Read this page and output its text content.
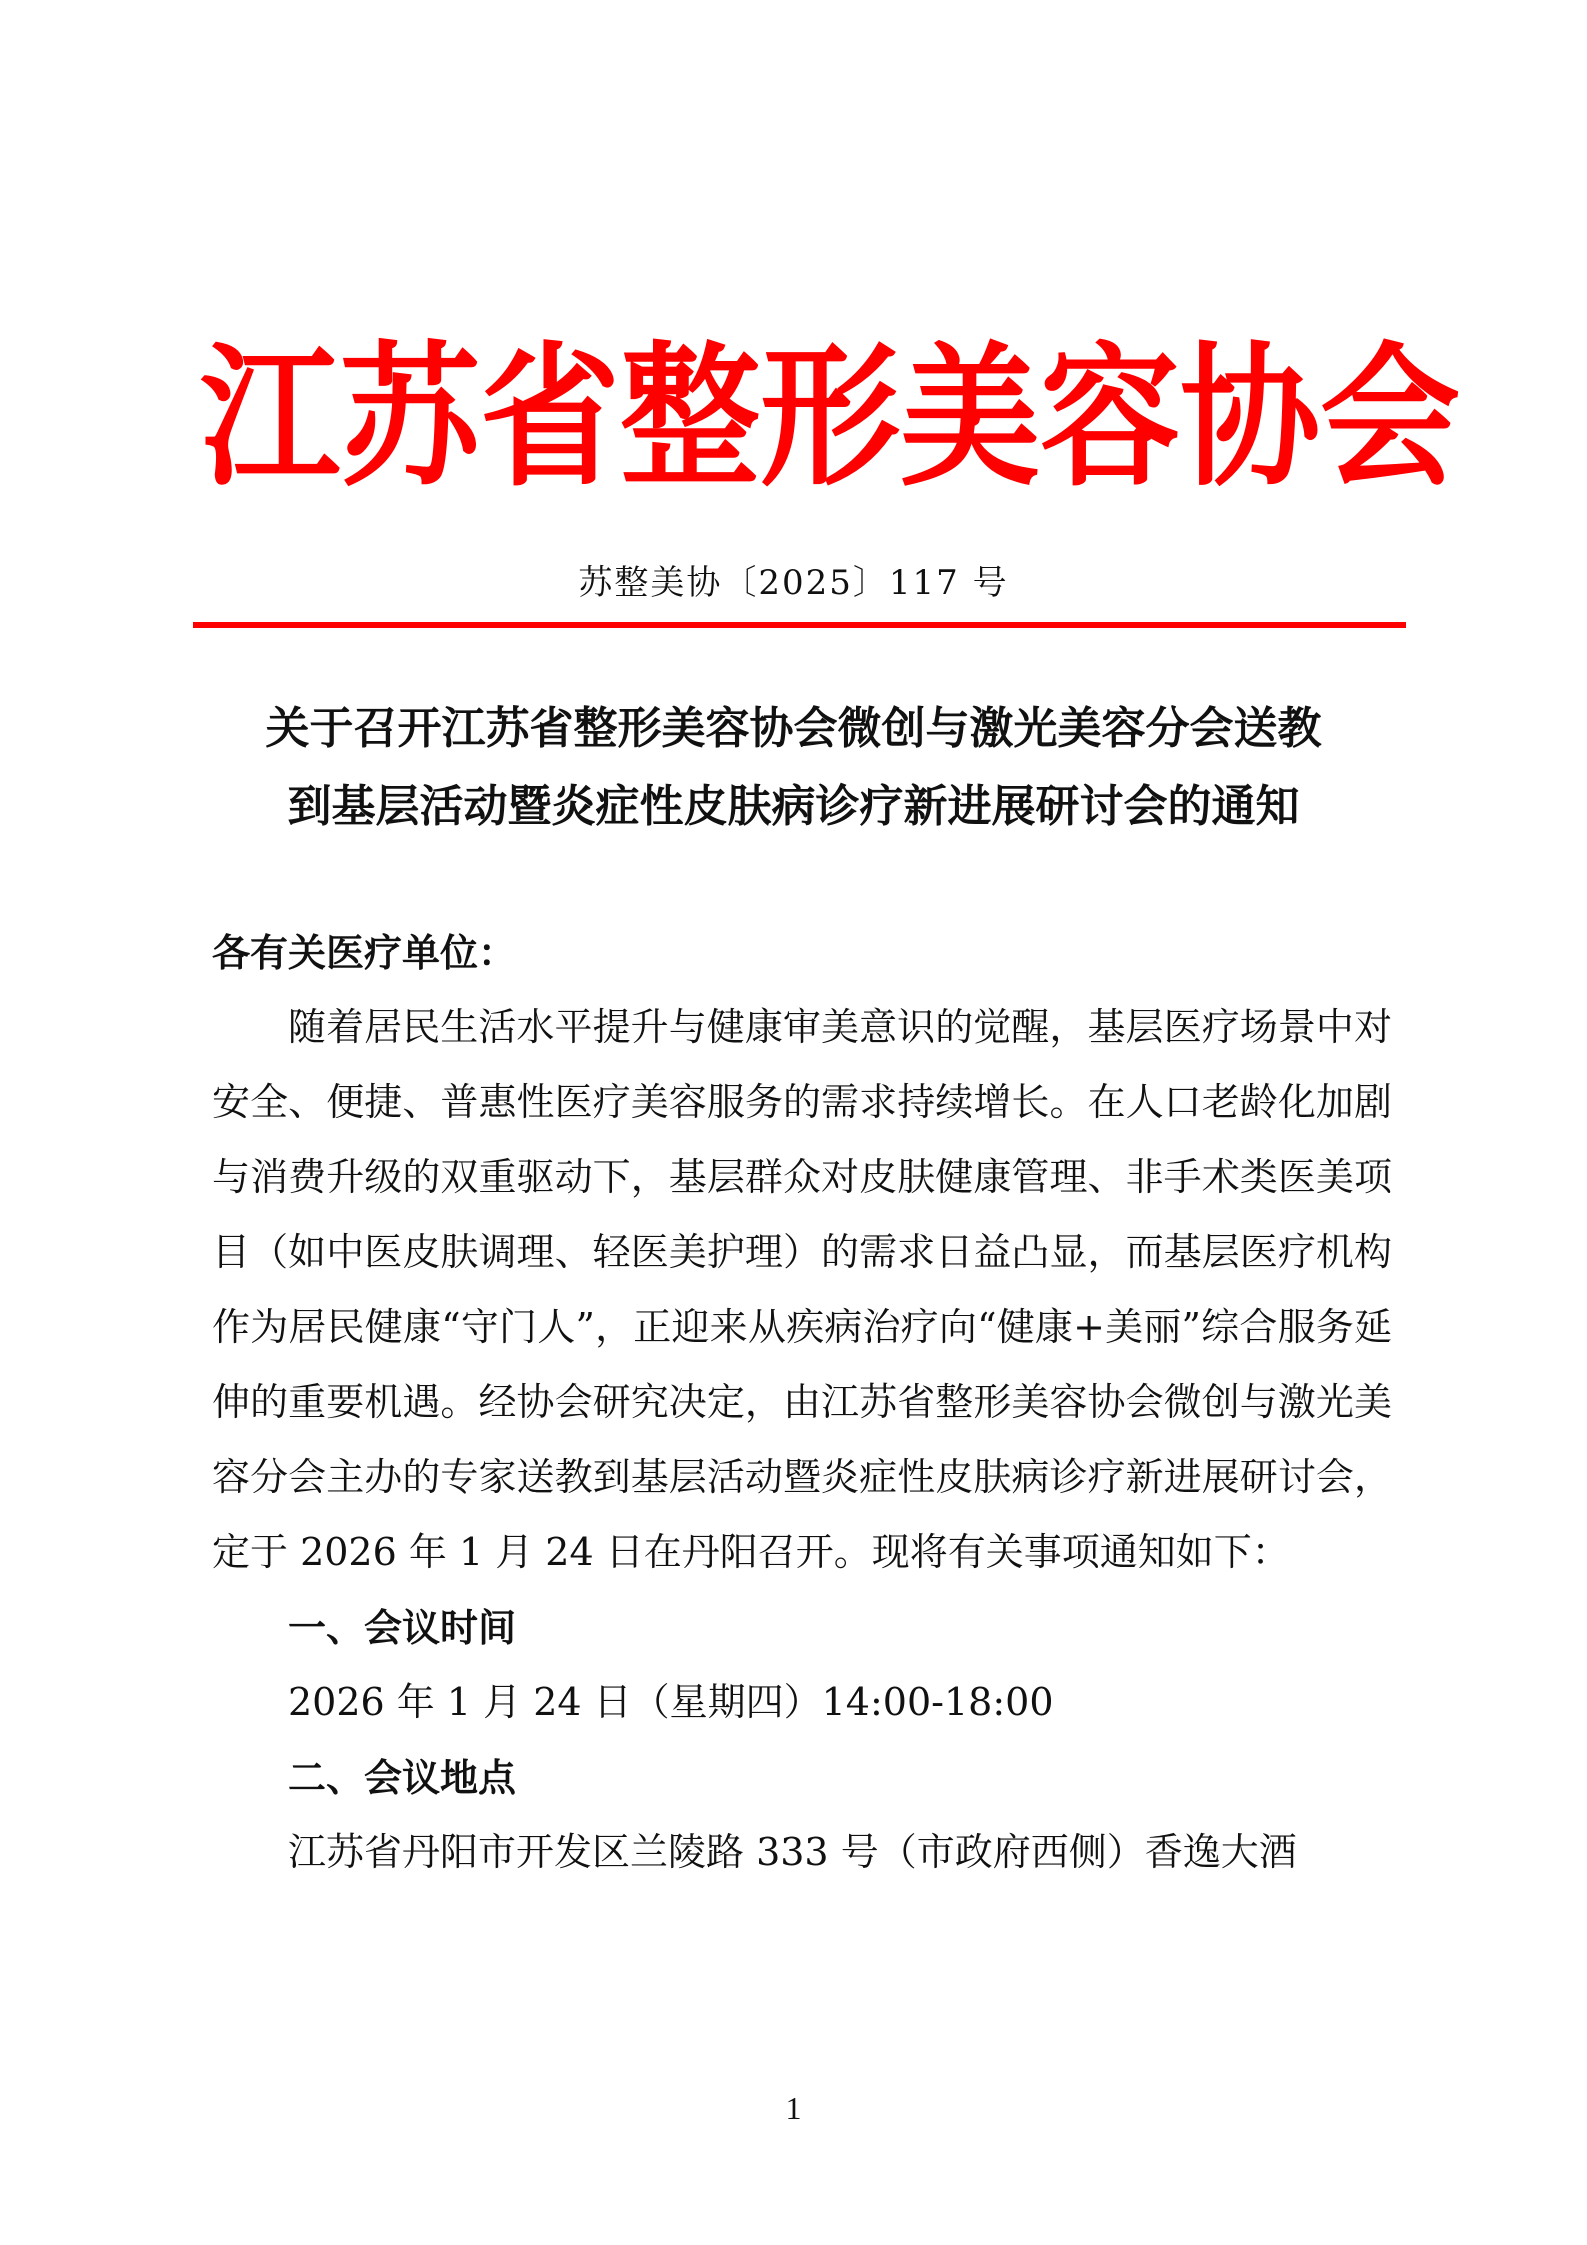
江 苏 省 整 形 美 容 协 会
苏整美协〔2025〕117 号
关于召开江苏省整形美容协会微创与激光美容分会送教
到基层活动暨炎症性皮肤病诊疗新进展研讨会的通知

各有关医疗单位：

随着居民生活水平提升与健康审美意识的觉醒，基层医疗场景中对安全、便捷、普惠性医疗美容服务的需求持续增长。在人口老龄化加剧与消费升级的双重驱动下，基层群众对皮肤健康管理、非手术类医美项目（如中医皮肤调理、轻医美护理）的需求日益凸显，而基层医疗机构作为居民健康“守门人”，正迎来从疾病治疗向“健康+美丽”综合服务延伸的重要机遇。经协会研究决定，由江苏省整形美容协会微创与激光美容分会主办的专家送教到基层活动暨炎症性皮肤病诊疗新进展研讨会，定于 2026 年 1 月 24 日在丹阳召开。现将有关事项通知如下：

一、会议时间

2026 年 1 月 24 日（星期四）14:00-18:00

二、会议地点

江苏省丹阳市开发区兰陵路 333 号（市政府西侧）香逸大酒

1
